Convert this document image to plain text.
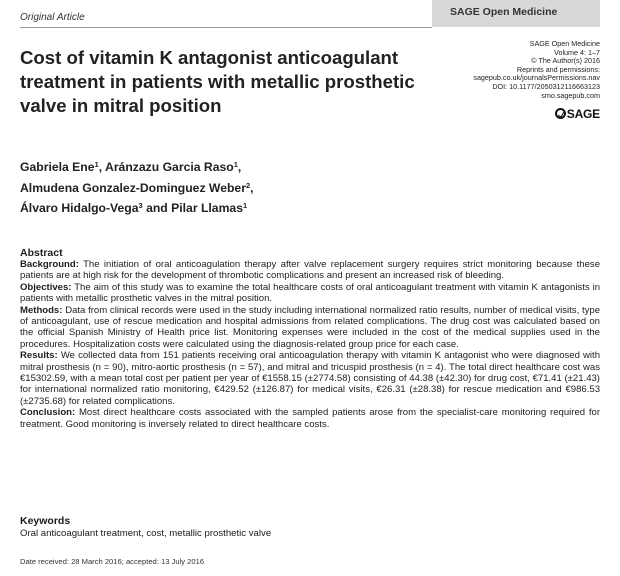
Original Article	SAGE Open Medicine
Cost of vitamin K antagonist anticoagulant treatment in patients with metallic prosthetic valve in mitral position
SAGE Open Medicine
Volume 4: 1–7
© The Author(s) 2016
Reprints and permissions:
sagepub.co.uk/journalsPermissions.nav
DOI: 10.1177/2050312116663123
smo.sagepub.com
SAGE
Gabriela Ene$^1$, Aránzazu Garcia Raso$^1$,
Almudena Gonzalez-Dominguez Weber$^2$,
Álvaro Hidalgo-Vega$^3$ and Pilar Llamas$^1$
Abstract

Background: The initiation of oral anticoagulation therapy after valve replacement surgery requires strict monitoring because these patients are at high risk for the development of thrombotic complications and present an increased risk of bleeding.

Objectives: The aim of this study was to examine the total healthcare costs of oral anticoagulant treatment with vitamin K antagonists in patients with metallic prosthetic valves in the mitral position.

Methods: Data from clinical records were used in the study including international normalized ratio results, number of medical visits, type of anticoagulant, use of rescue medication and hospital admissions from related complications. The drug cost was calculated based on the official Spanish Ministry of Health price list. Monitoring expenses were included in the cost of the medical supplies used in the procedures. Hospitalization costs were calculated using the diagnosis-related group price for each case.

Results: We collected data from 151 patients receiving oral anticoagulation therapy with vitamin K antagonist who were diagnosed with mitral prosthesis (n = 90), mitro-aortic prosthesis (n = 57), and mitral and tricuspid prosthesis (n = 4). The total direct healthcare cost was €15302.59, with a mean total cost per patient per year of €1558.15 (±2774.58) consisting of 44.38 (±42.30) for drug cost, €71.41 (±21.43) for international normalized ratio monitoring, €429.52 (±126.87) for medical visits, €26.31 (±28.38) for rescue medication and €986.53 (±2735.68) for related complications.

Conclusion: Most direct healthcare costs associated with the sampled patients arose from the specialist-care monitoring required for treatment. Good monitoring is inversely related to direct healthcare costs.

Keywords
Oral anticoagulant treatment, cost, metallic prosthetic valve
Date received: 28 March 2016; accepted: 13 July 2016
